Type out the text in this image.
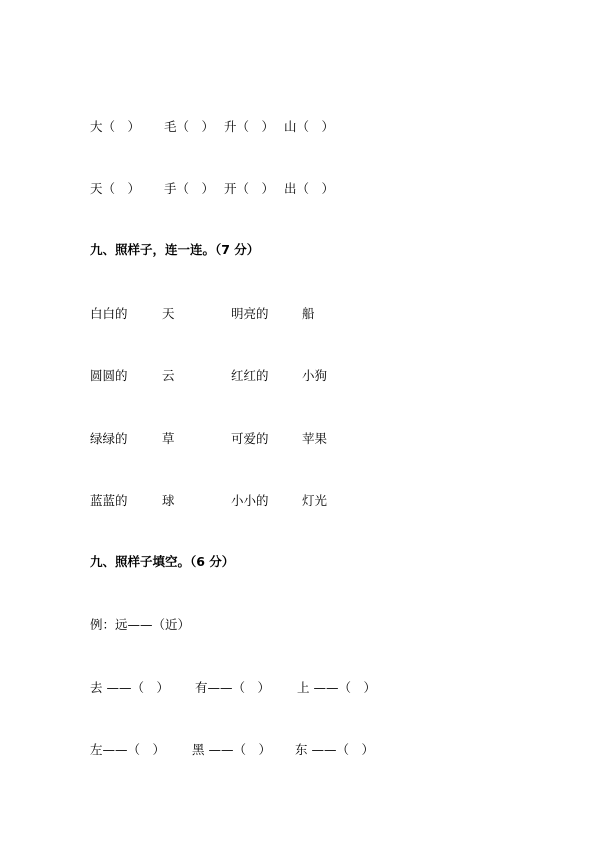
大（　） 毛（　） 升（　） 山（　）
天（　） 手（　） 开（　） 出（　）
九、照样子，连一连。（7 分）
白白的	天	明亮的	船
圆圆的	云	红红的	小狗
绿绿的	草	可爱的	苹果
蓝蓝的	球	小小的	灯光
九、照样子填空。（6 分）
例：远——（近）
去 ——（　） 有——（　） 上 ——（　）
左——（　） 黑 ——（　） 东 ——（　）
